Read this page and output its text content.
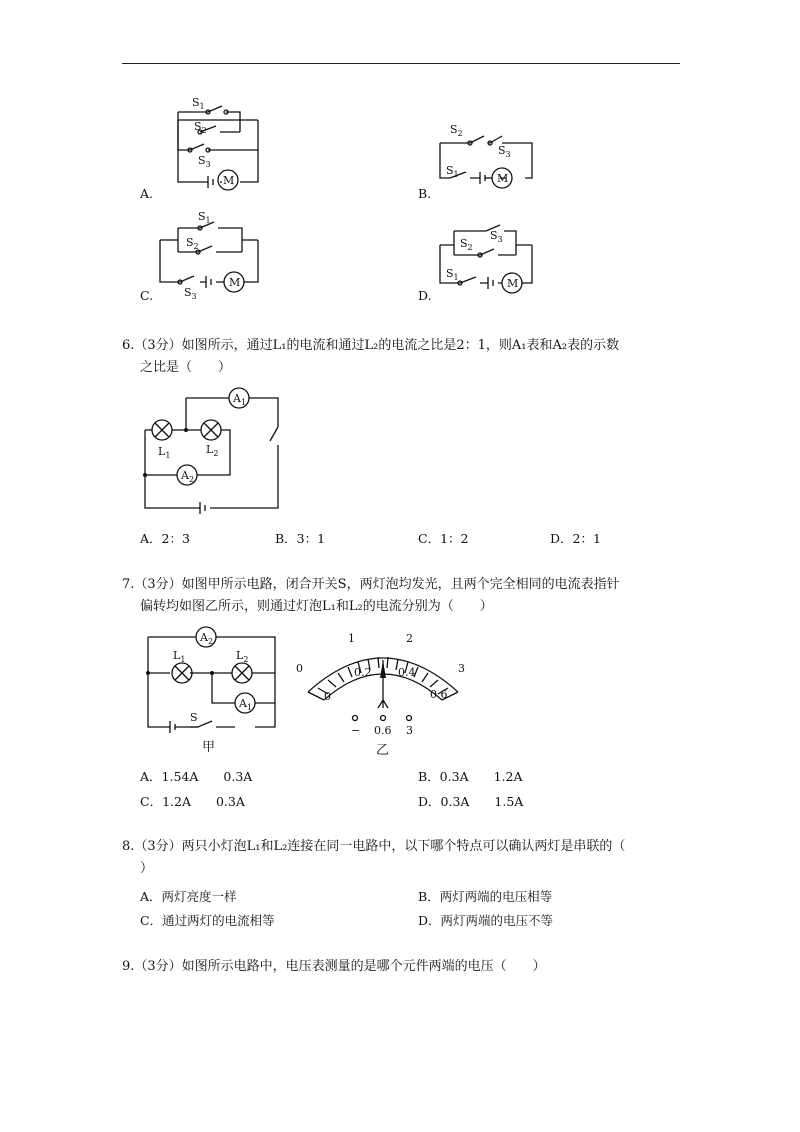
M
$S_1$
$S_2$
$S_3$
A.
M
$S_2$
$S_3$
$S_1$
B.
M
$S_1$
$S_2$
$S_3$
C.
M
$S_2$
$S_3$
$S_1$
D.
6.（3分）如图所示，通过L₁的电流和通过L₂的电流之比是2：1，则A₁表和A₂表的示数
之比是（　　）
$A_1$
$A_2$
$L_1$	$L_2$
A．2：3	B．3：1	C．1：2	D．2：1
7.（3分）如图甲所示电路，闭合开关S，两灯泡均发光，且两个完全相同的电流表指针
偏转均如图乙所示，则通过灯泡L₁和L₂的电流分别为（　　）
$A_2$
$A_1$
$L_1$	$L_2$
S
甲
0
1	2
3
0
0.2 0.4
0.6
− 0.6 3
乙
A．1.54A　　0.3A	B．0.3A　　1.2A
C．1.2A　　0.3A	D．0.3A　　1.5A
8.（3分）两只小灯泡L₁和L₂连接在同一电路中，以下哪个特点可以确认两灯是串联的（
）
A．两灯亮度一样	B．两灯两端的电压相等
C．通过两灯的电流相等	D．两灯两端的电压不等
9.（3分）如图所示电路中，电压表测量的是哪个元件两端的电压（　　）
